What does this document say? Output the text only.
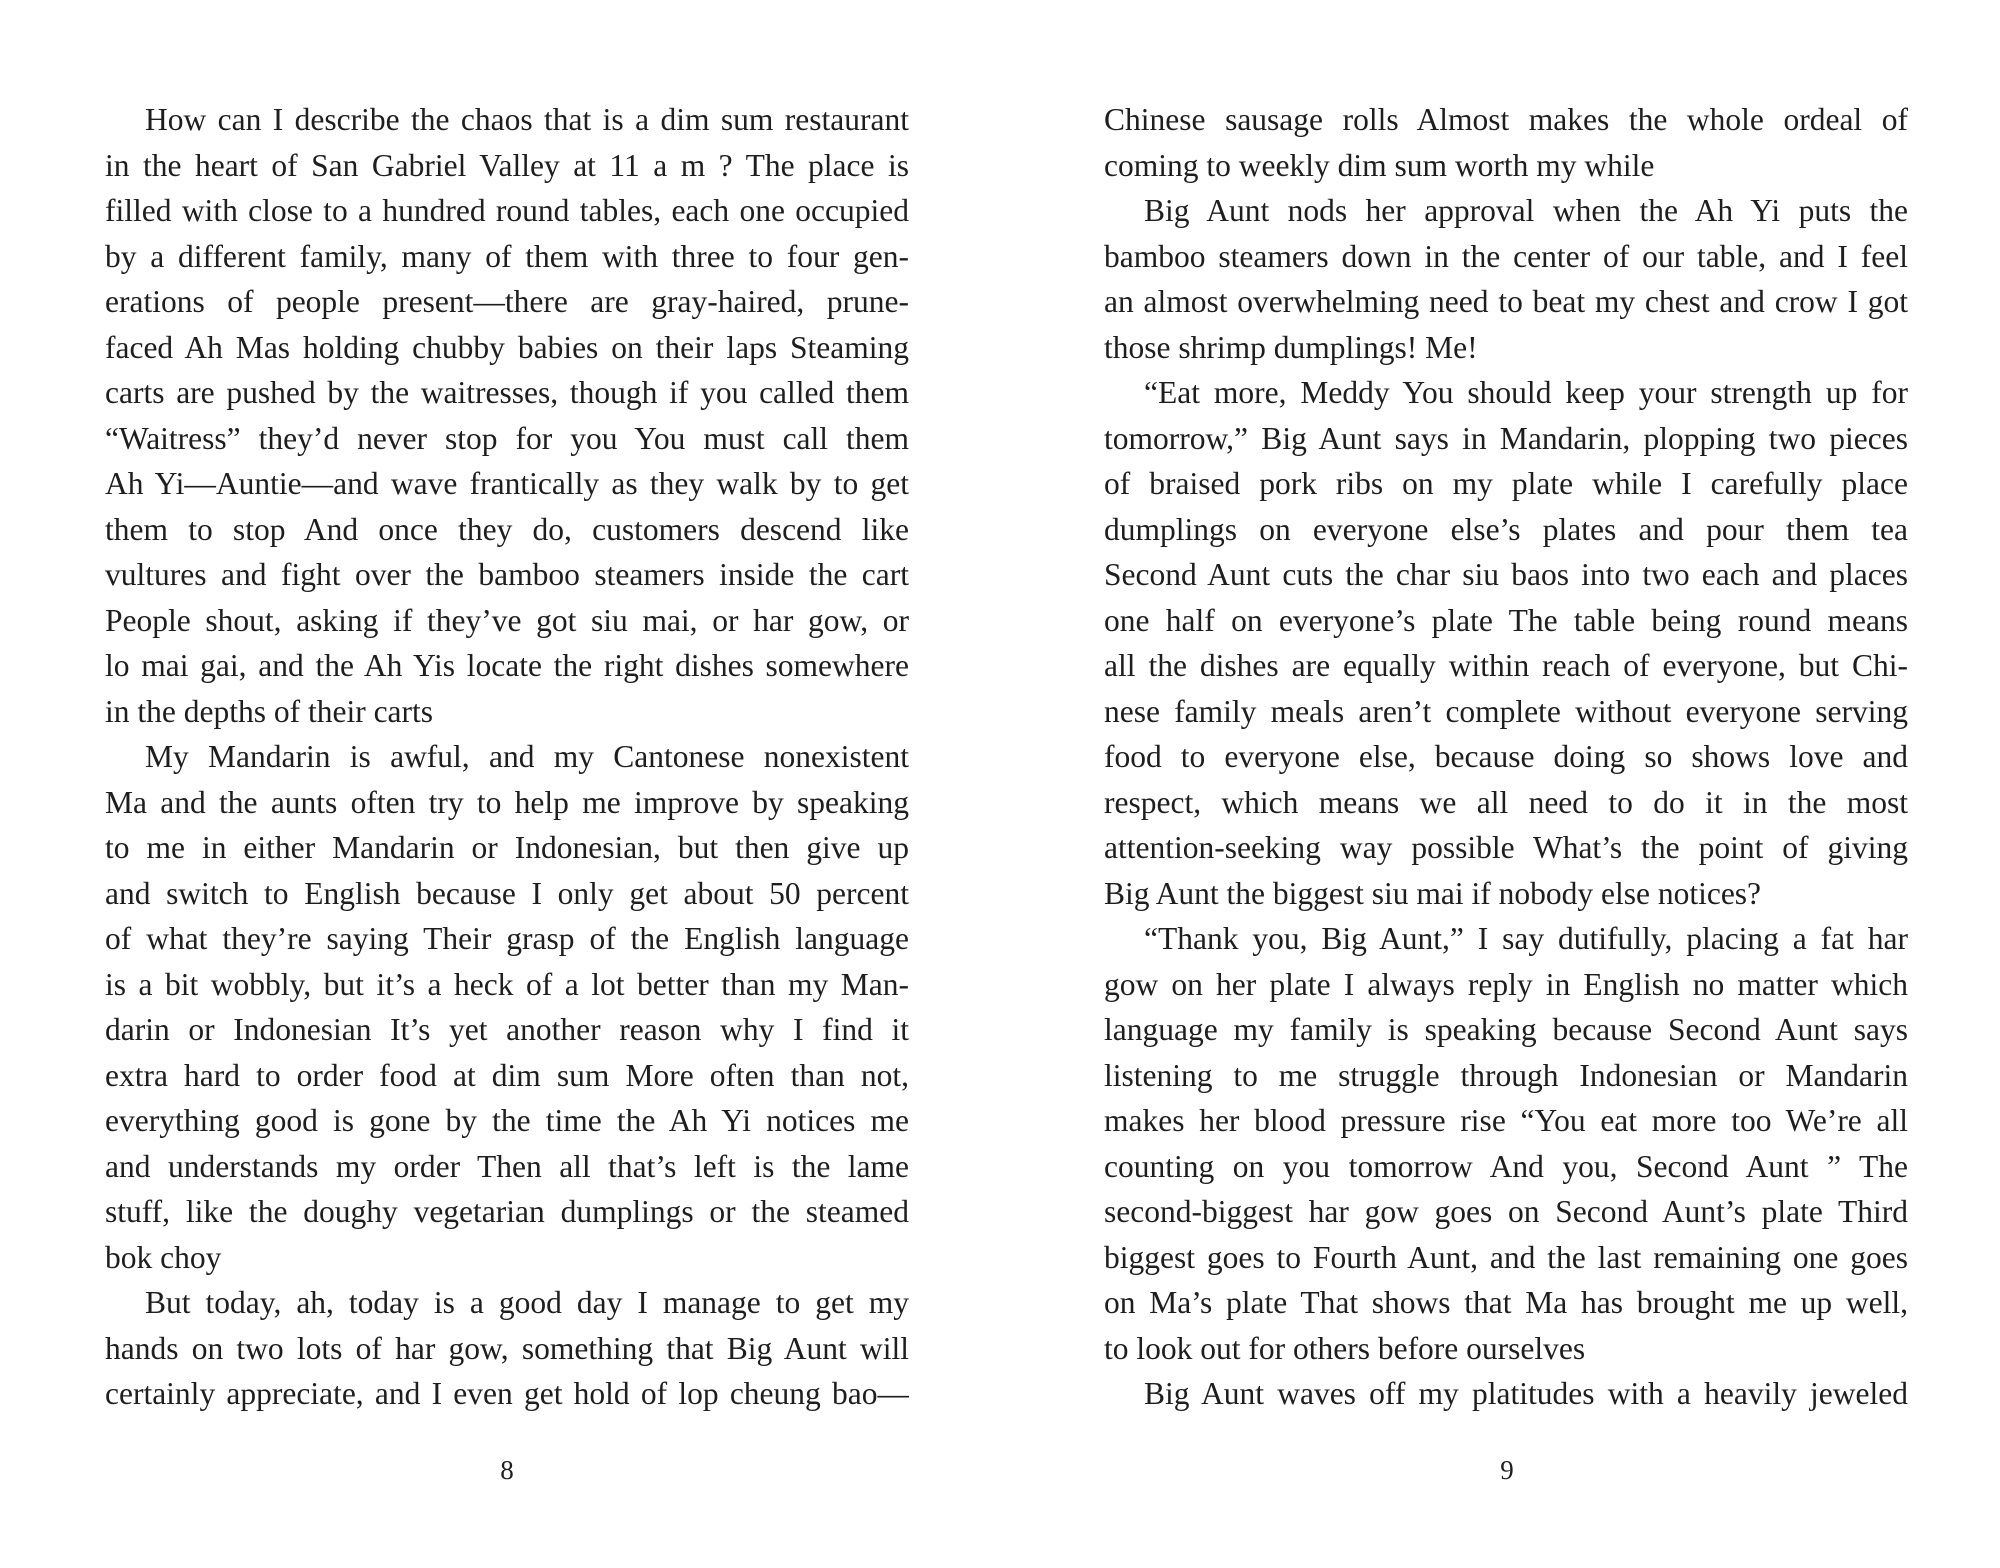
How can I describe the chaos that is a dim sum restaurant
in the heart of San Gabriel Valley at 11 a m ? The place is
filled with close to a hundred round tables, each one occupied
by a different family, many of them with three to four gen-
erations of people present—there are gray-haired, prune-
faced Ah Mas holding chubby babies on their laps Steaming
carts are pushed by the waitresses, though if you called them
“Waitress” they’d never stop for you You must call them
Ah Yi—Auntie—and wave frantically as they walk by to get
them to stop And once they do, customers descend like
vultures and fight over the bamboo steamers inside the cart
People shout, asking if they’ve got siu mai, or har gow, or
lo mai gai, and the Ah Yis locate the right dishes somewhere
in the depths of their carts
My Mandarin is awful, and my Cantonese nonexistent
Ma and the aunts often try to help me improve by speaking
to me in either Mandarin or Indonesian, but then give up
and switch to English because I only get about 50 percent
of what they’re saying Their grasp of the English language
is a bit wobbly, but it’s a heck of a lot better than my Man-
darin or Indonesian It’s yet another reason why I find it
extra hard to order food at dim sum More often than not,
everything good is gone by the time the Ah Yi notices me
and understands my order Then all that’s left is the lame
stuff, like the doughy vegetarian dumplings or the steamed
bok choy
But today, ah, today is a good day I manage to get my
hands on two lots of har gow, something that Big Aunt will
certainly appreciate, and I even get hold of lop cheung bao—
8
Chinese sausage rolls Almost makes the whole ordeal of
coming to weekly dim sum worth my while
Big Aunt nods her approval when the Ah Yi puts the
bamboo steamers down in the center of our table, and I feel
an almost overwhelming need to beat my chest and crow I got
those shrimp dumplings! Me!
“Eat more, Meddy You should keep your strength up for
tomorrow,” Big Aunt says in Mandarin, plopping two pieces
of braised pork ribs on my plate while I carefully place
dumplings on everyone else’s plates and pour them tea
Second Aunt cuts the char siu baos into two each and places
one half on everyone’s plate The table being round means
all the dishes are equally within reach of everyone, but Chi-
nese family meals aren’t complete without everyone serving
food to everyone else, because doing so shows love and
respect, which means we all need to do it in the most
attention-seeking way possible What’s the point of giving
Big Aunt the biggest siu mai if nobody else notices?
“Thank you, Big Aunt,” I say dutifully, placing a fat har
gow on her plate I always reply in English no matter which
language my family is speaking because Second Aunt says
listening to me struggle through Indonesian or Mandarin
makes her blood pressure rise “You eat more too We’re all
counting on you tomorrow And you, Second Aunt ” The
second-biggest har gow goes on Second Aunt’s plate Third
biggest goes to Fourth Aunt, and the last remaining one goes
on Ma’s plate That shows that Ma has brought me up well,
to look out for others before ourselves
Big Aunt waves off my platitudes with a heavily jeweled
9
